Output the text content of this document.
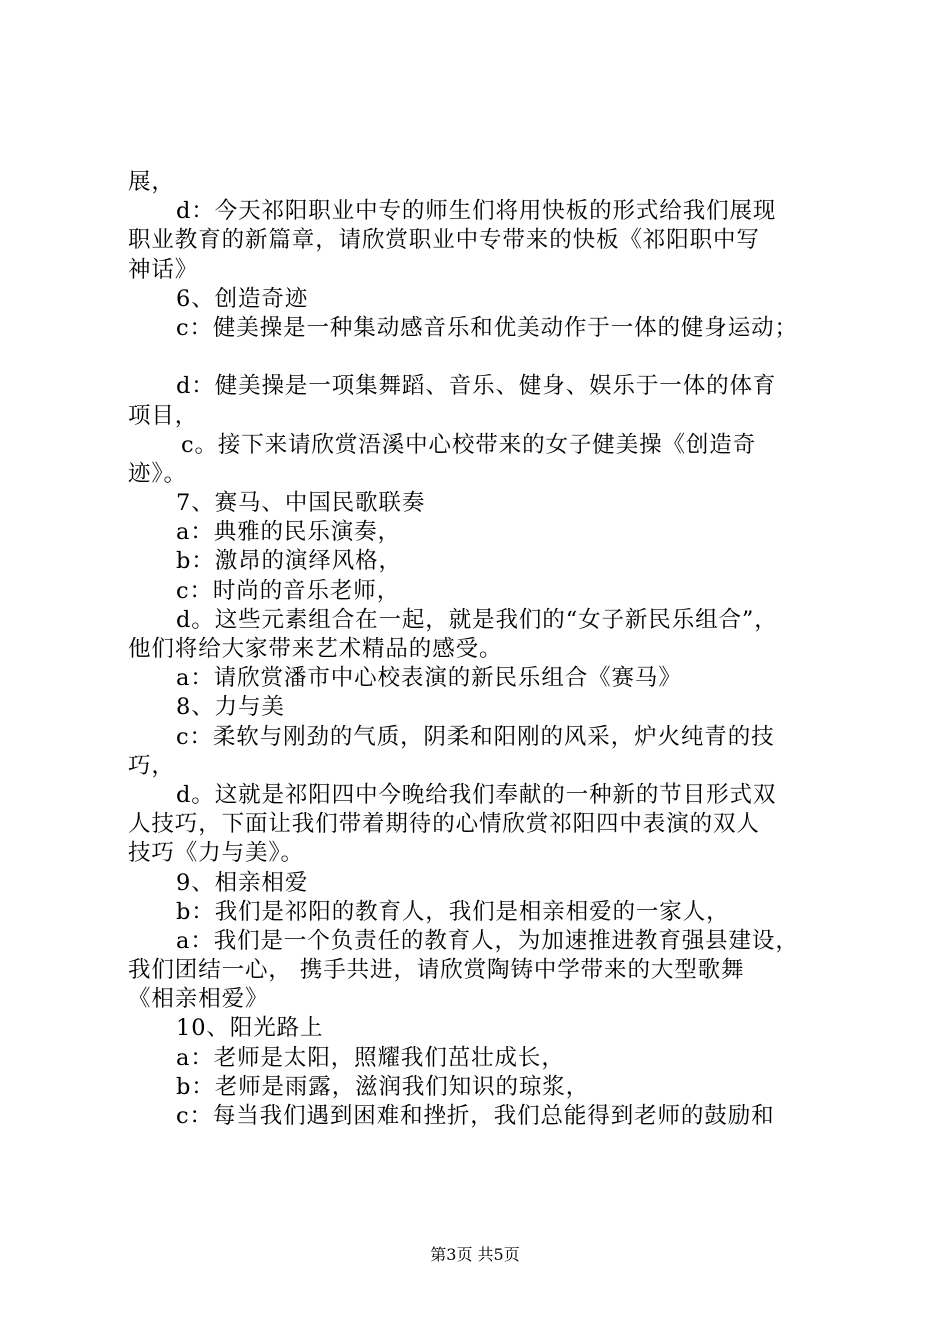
展，
d：今天祁阳职业中专的师生们将用快板的形式给我们展现
职业教育的新篇章，请欣赏职业中专带来的快板《祁阳职中写
神话》
6、创造奇迹
c：健美操是一种集动感音乐和优美动作于一体的健身运动；
d：健美操是一项集舞蹈、音乐、健身、娱乐于一体的体育
项目，
c。接下来请欣赏浯溪中心校带来的女子健美操《创造奇
迹》。
7、赛马、中国民歌联奏
a：典雅的民乐演奏，
b：激昂的演绎风格，
c：时尚的音乐老师，
d。这些元素组合在一起，就是我们的“女子新民乐组合”，
他们将给大家带来艺术精品的感受。
a：请欣赏潘市中心校表演的新民乐组合《赛马》
8、力与美
c：柔软与刚劲的气质，阴柔和阳刚的风采，炉火纯青的技
巧，
d。这就是祁阳四中今晚给我们奉献的一种新的节目形式双
人技巧，下面让我们带着期待的心情欣赏祁阳四中表演的双人
技巧《力与美》。
9、相亲相爱
b：我们是祁阳的教育人，我们是相亲相爱的一家人，
a：我们是一个负责任的教育人，为加速推进教育强县建设，
我们团结一心， 携手共进，请欣赏陶铸中学带来的大型歌舞
《相亲相爱》
10、阳光路上
a：老师是太阳，照耀我们茁壮成长，
b：老师是雨露，滋润我们知识的琼浆，
c：每当我们遇到困难和挫折，我们总能得到老师的鼓励和
第3页 共5页
